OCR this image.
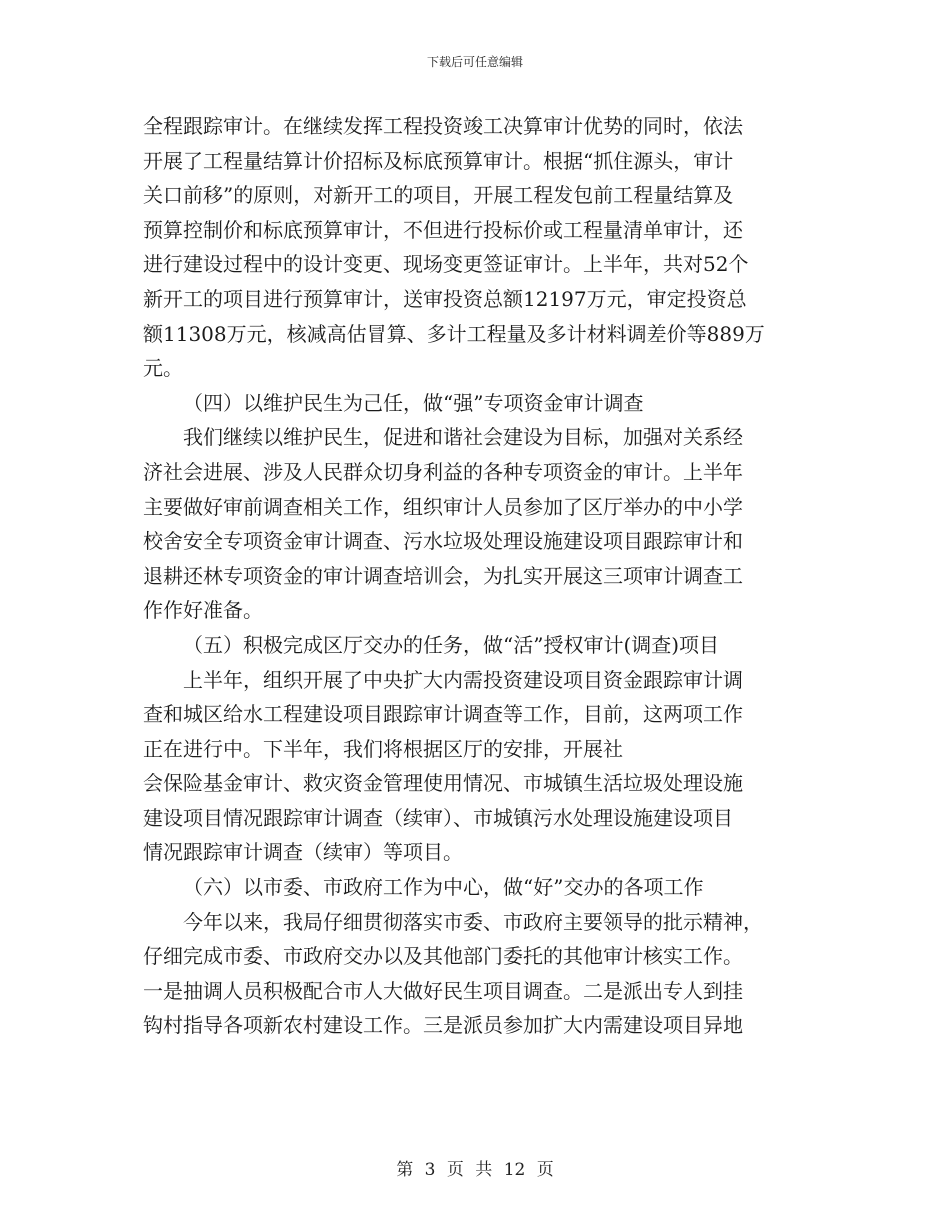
下载后可任意编辑
全程跟踪审计。在继续发挥工程投资竣工决算审计优势的同时，依法
开展了工程量结算计价招标及标底预算审计。根据“抓住源头，审计
关口前移”的原则，对新开工的项目，开展工程发包前工程量结算及
预算控制价和标底预算审计，不但进行投标价或工程量清单审计，还
进行建设过程中的设计变更、现场变更签证审计。上半年，共对52个
新开工的项目进行预算审计，送审投资总额12197万元，审定投资总
额11308万元，核减高估冒算、多计工程量及多计材料调差价等889万
元。
（四）以维护民生为己任，做“强”专项资金审计调查
我们继续以维护民生，促进和谐社会建设为目标，加强对关系经
济社会进展、涉及人民群众切身利益的各种专项资金的审计。上半年
主要做好审前调查相关工作，组织审计人员参加了区厅举办的中小学
校舍安全专项资金审计调查、污水垃圾处理设施建设项目跟踪审计和
退耕还林专项资金的审计调查培训会，为扎实开展这三项审计调查工
作作好准备。
（五）积极完成区厅交办的任务，做“活”授权审计(调查)项目
上半年，组织开展了中央扩大内需投资建设项目资金跟踪审计调
查和城区给水工程建设项目跟踪审计调查等工作，目前，这两项工作
正在进行中。下半年，我们将根据区厅的安排，开展社
会保险基金审计、救灾资金管理使用情况、市城镇生活垃圾处理设施
建设项目情况跟踪审计调查（续审）、市城镇污水处理设施建设项目
情况跟踪审计调查（续审）等项目。
（六）以市委、市政府工作为中心，做“好”交办的各项工作
今年以来，我局仔细贯彻落实市委、市政府主要领导的批示精神，
仔细完成市委、市政府交办以及其他部门委托的其他审计核实工作。
一是抽调人员积极配合市人大做好民生项目调查。二是派出专人到挂
钩村指导各项新农村建设工作。三是派员参加扩大内需建设项目异地
第 3 页 共 12 页
